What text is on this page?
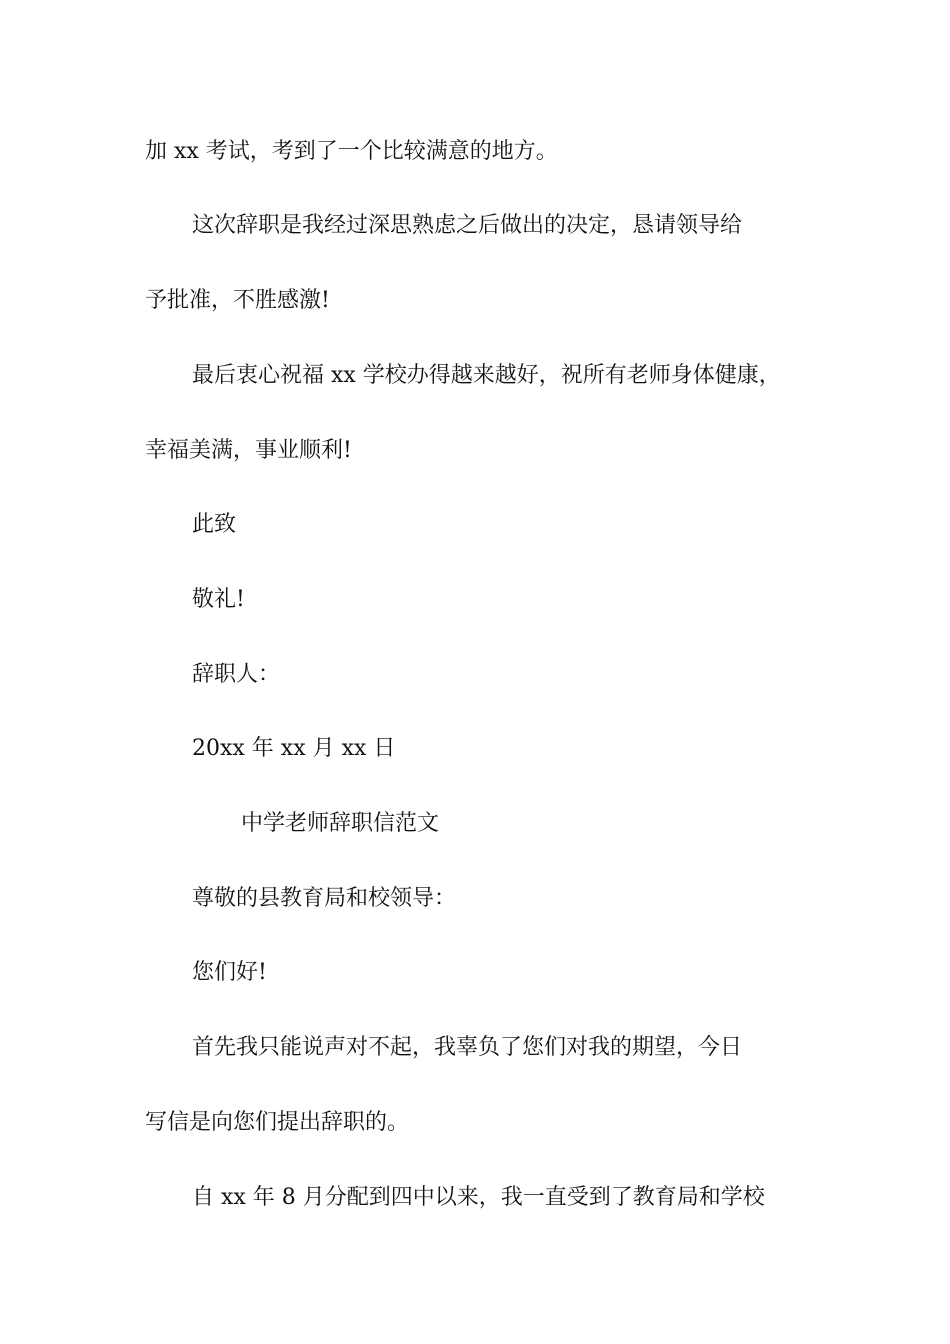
加 xx 考试，考到了一个比较满意的地方。
这次辞职是我经过深思熟虑之后做出的决定，恳请领导给
予批准，不胜感激!
最后衷心祝福 xx 学校办得越来越好，祝所有老师身体健康，
幸福美满，事业顺利!
此致
敬礼!
辞职人：
20xx 年 xx 月 xx 日
中学老师辞职信范文
尊敬的县教育局和校领导：
您们好!
首先我只能说声对不起，我辜负了您们对我的期望，今日
写信是向您们提出辞职的。
自 xx 年 8 月分配到四中以来，我一直受到了教育局和学校
